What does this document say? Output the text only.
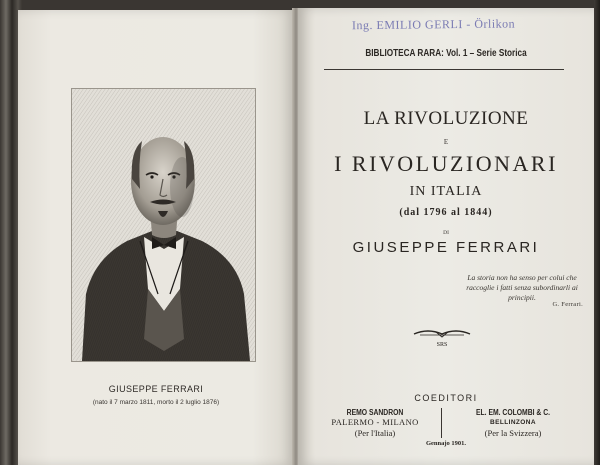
GIUSEPPE FERRARI
(nato il 7 marzo 1811, morto il 2 luglio 1876)
Ing. EMILIO GERLI - Örlikon
BIBLIOTECA RARA: Vol. 1 – Serie Storica
LA RIVOLUZIONE
E
I RIVOLUZIONARI
IN ITALIA
(dal 1796 al 1844)
DI
GIUSEPPE FERRARI
La storia non ha senso per colui che raccoglie i fatti senza subordinarli ai principii.
G. Ferrari.
SRS
COEDITORI
REMO SANDRON
PALERMO - MILANO
(Per l'Italia)
EL. EM. COLOMBI & C.
BELLINZONA
(Per la Svizzera)
Gennajo 1901.
